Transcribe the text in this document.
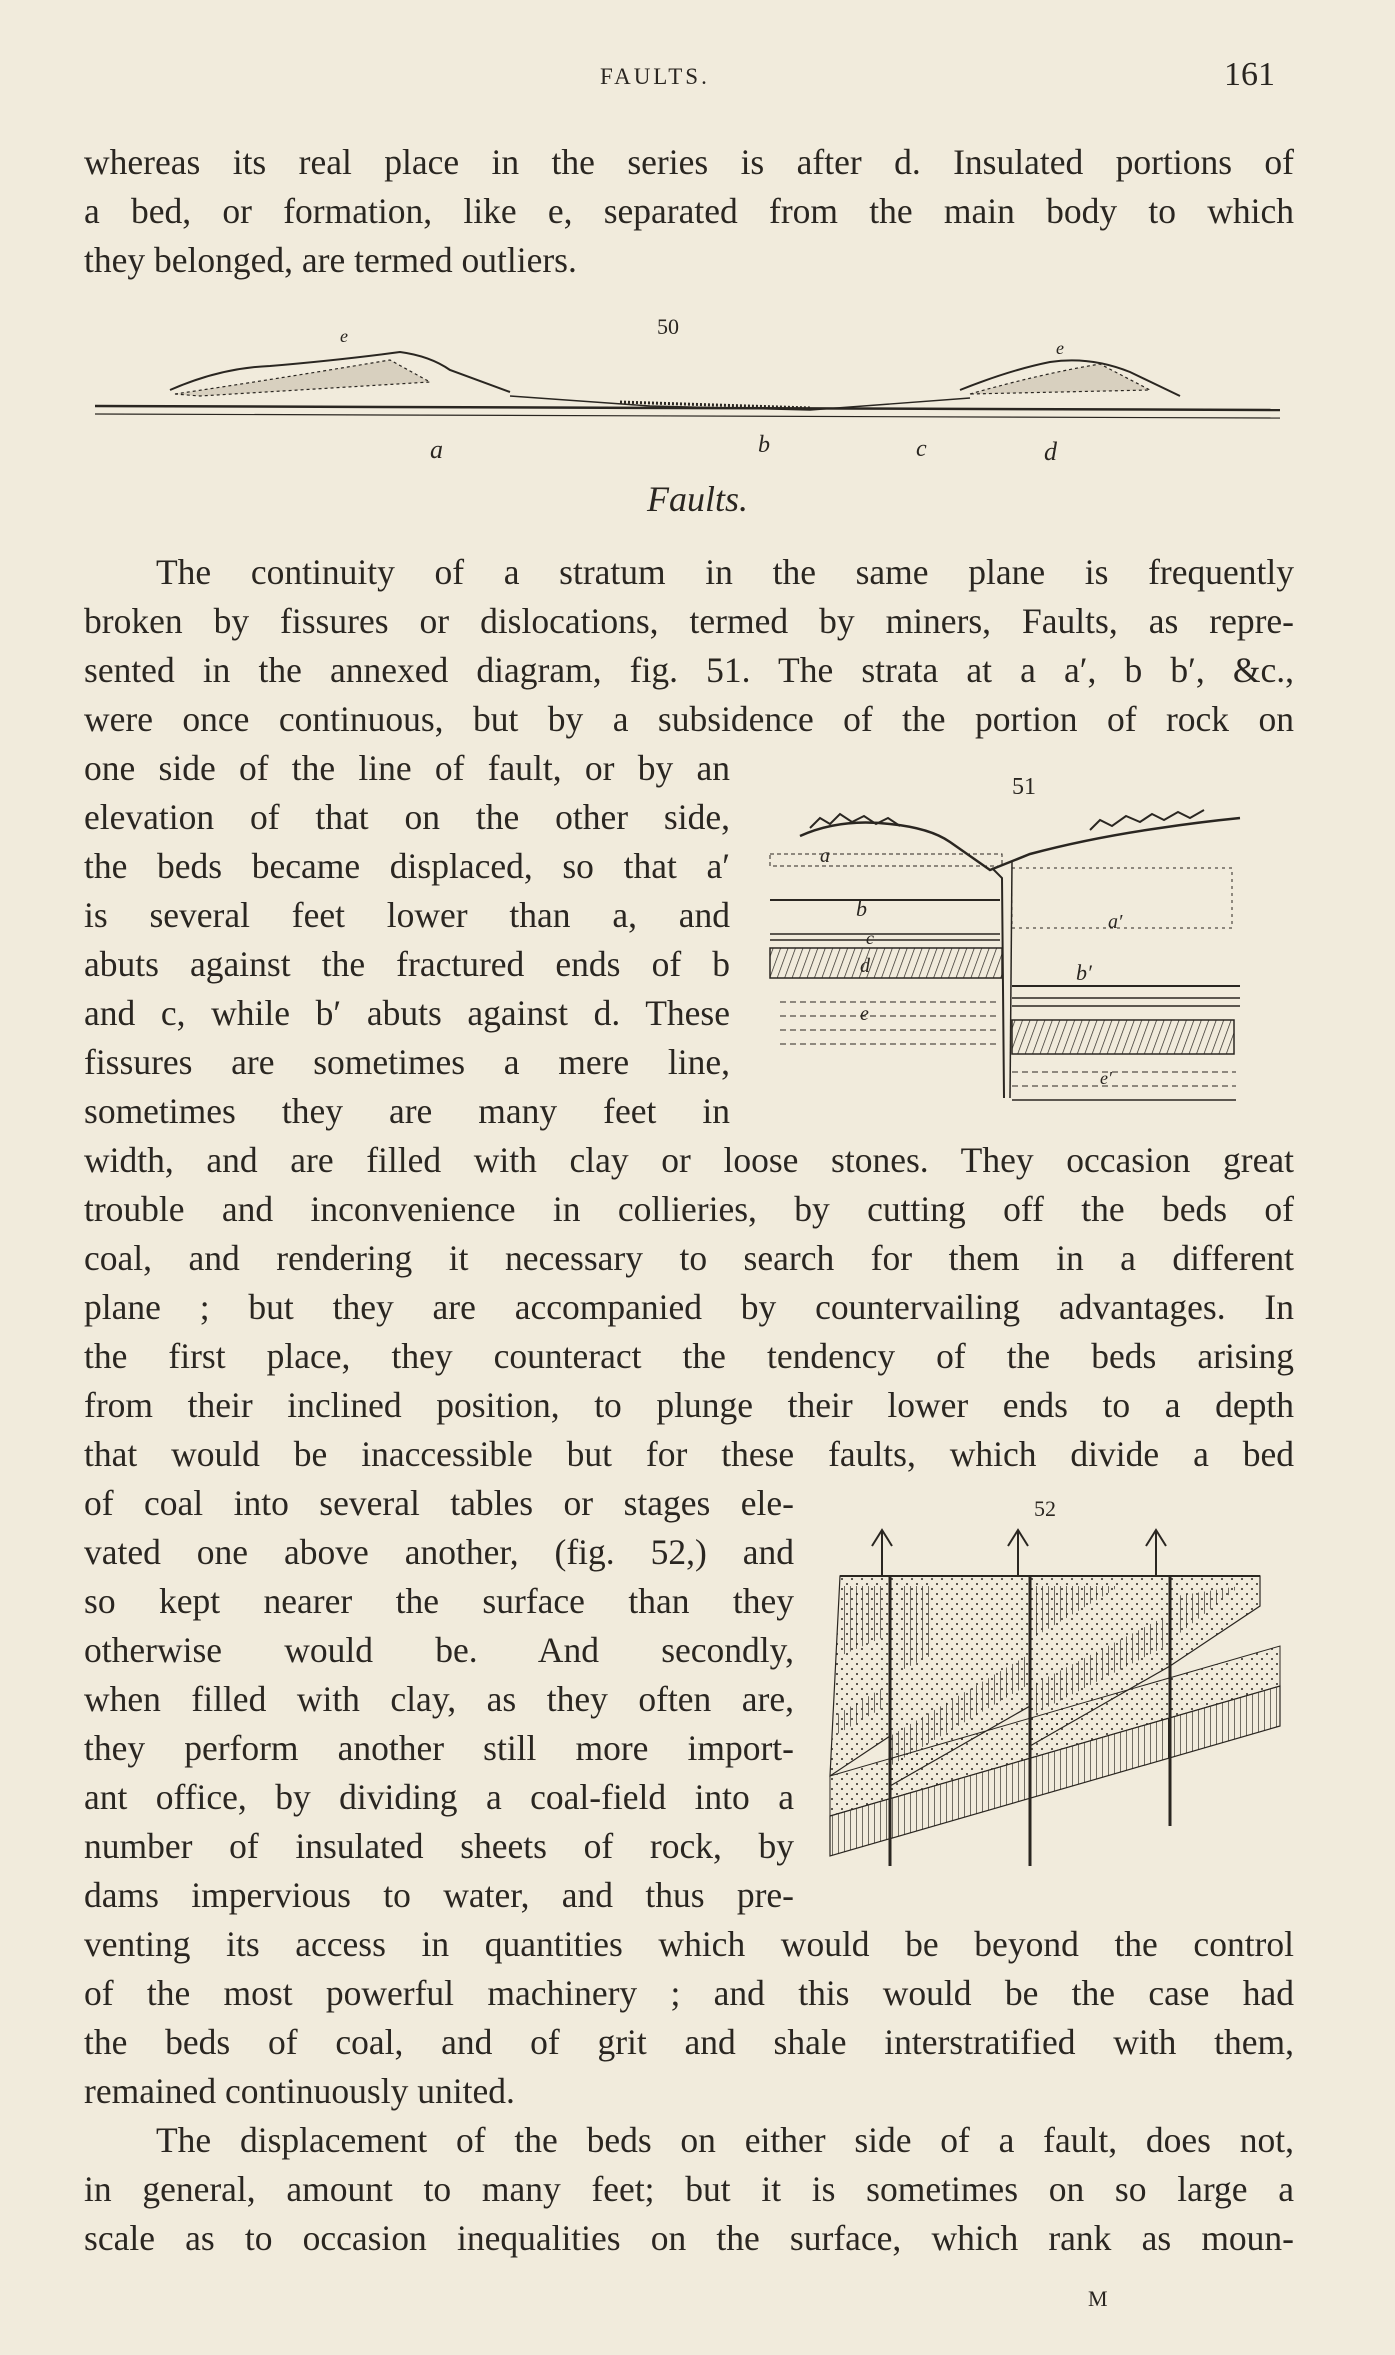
FAULTS.	161
whereas its real place in the series is after d. Insulated portions of
a bed, or formation, like e, separated from the main body to which
they belonged, are termed outliers.
50
a	b	c	d
e
e
Faults.
The continuity of a stratum in the same plane is frequently
broken by fissures or dislocations, termed by miners, Faults, as repre-
sented in the annexed diagram, fig. 51. The strata at a a′, b b′, &c.,
were once continuous, but by a subsidence of the portion of rock on
one side of the line of fault, or by an
elevation of that on the other side,
the beds became displaced, so that a′
is several feet lower than a, and
abuts against the fractured ends of b
and c, while b′ abuts against d. These
fissures are sometimes a mere line,
sometimes they are many feet in
51
a
a′
b
b′
c
d
e
e′
width, and are filled with clay or loose stones. They occasion great
trouble and inconvenience in collieries, by cutting off the beds of
coal, and rendering it necessary to search for them in a different
plane ; but they are accompanied by countervailing advantages. In
the first place, they counteract the tendency of the beds arising
from their inclined position, to plunge their lower ends to a depth
that would be inaccessible but for these faults, which divide a bed
of coal into several tables or stages ele-
vated one above another, (fig. 52,) and
so kept nearer the surface than they
otherwise would be. And secondly,
when filled with clay, as they often are,
they perform another still more import-
ant office, by dividing a coal-field into a
number of insulated sheets of rock, by
dams impervious to water, and thus pre-
52
venting its access in quantities which would be beyond the control
of the most powerful machinery ; and this would be the case had
the beds of coal, and of grit and shale interstratified with them,
remained continuously united.
The displacement of the beds on either side of a fault, does not,
in general, amount to many feet; but it is sometimes on so large a
scale as to occasion inequalities on the surface, which rank as moun-
M
